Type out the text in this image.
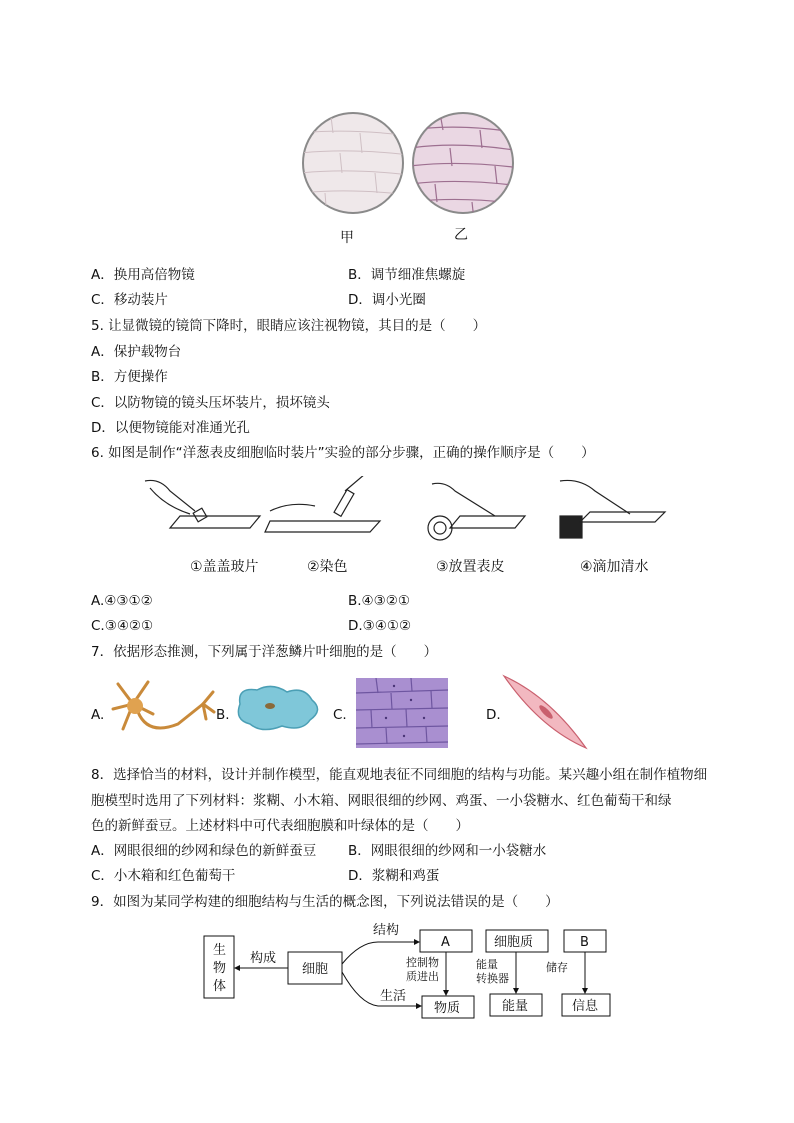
甲	乙
A．换用高倍物镜	B．调节细准焦螺旋
C．移动装片	D．调小光圈
5. 让显微镜的镜筒下降时，眼睛应该注视物镜，其目的是（　　）
A．保护载物台
B．方便操作
C．以防物镜的镜头压坏装片，损坏镜头
D．以便物镜能对准通光孔
6. 如图是制作“洋葱表皮细胞临时装片”实验的部分步骤，正确的操作顺序是（　　）
①盖盖玻片	②染色	③放置表皮	④滴加清水
A.④③①②	B.④③②①
C.③④②①	D.③④①②
7．依据形态推测，下列属于洋葱鳞片叶细胞的是（　　）
A.	B.	C.	D.
8．选择恰当的材料，设计并制作模型，能直观地表征不同细胞的结构与功能。某兴趣小组在制作植物细
胞模型时选用了下列材料：浆糊、小木箱、网眼很细的纱网、鸡蛋、一小袋糖水、红色葡萄干和绿
色的新鲜蚕豆。上述材料中可代表细胞膜和叶绿体的是（　　）
A．网眼很细的纱网和绿色的新鲜蚕豆 B．网眼很细的纱网和一小袋糖水
C．小木箱和红色葡萄干	D．浆糊和鸡蛋
9．如图为某同学构建的细胞结构与生活的概念图，下列说法错误的是（　　）
生
物
体
构成
细胞
结构
生活
A	细胞质	B
控制物
质进出
能量
转换器
储存
物质	能量	信息
